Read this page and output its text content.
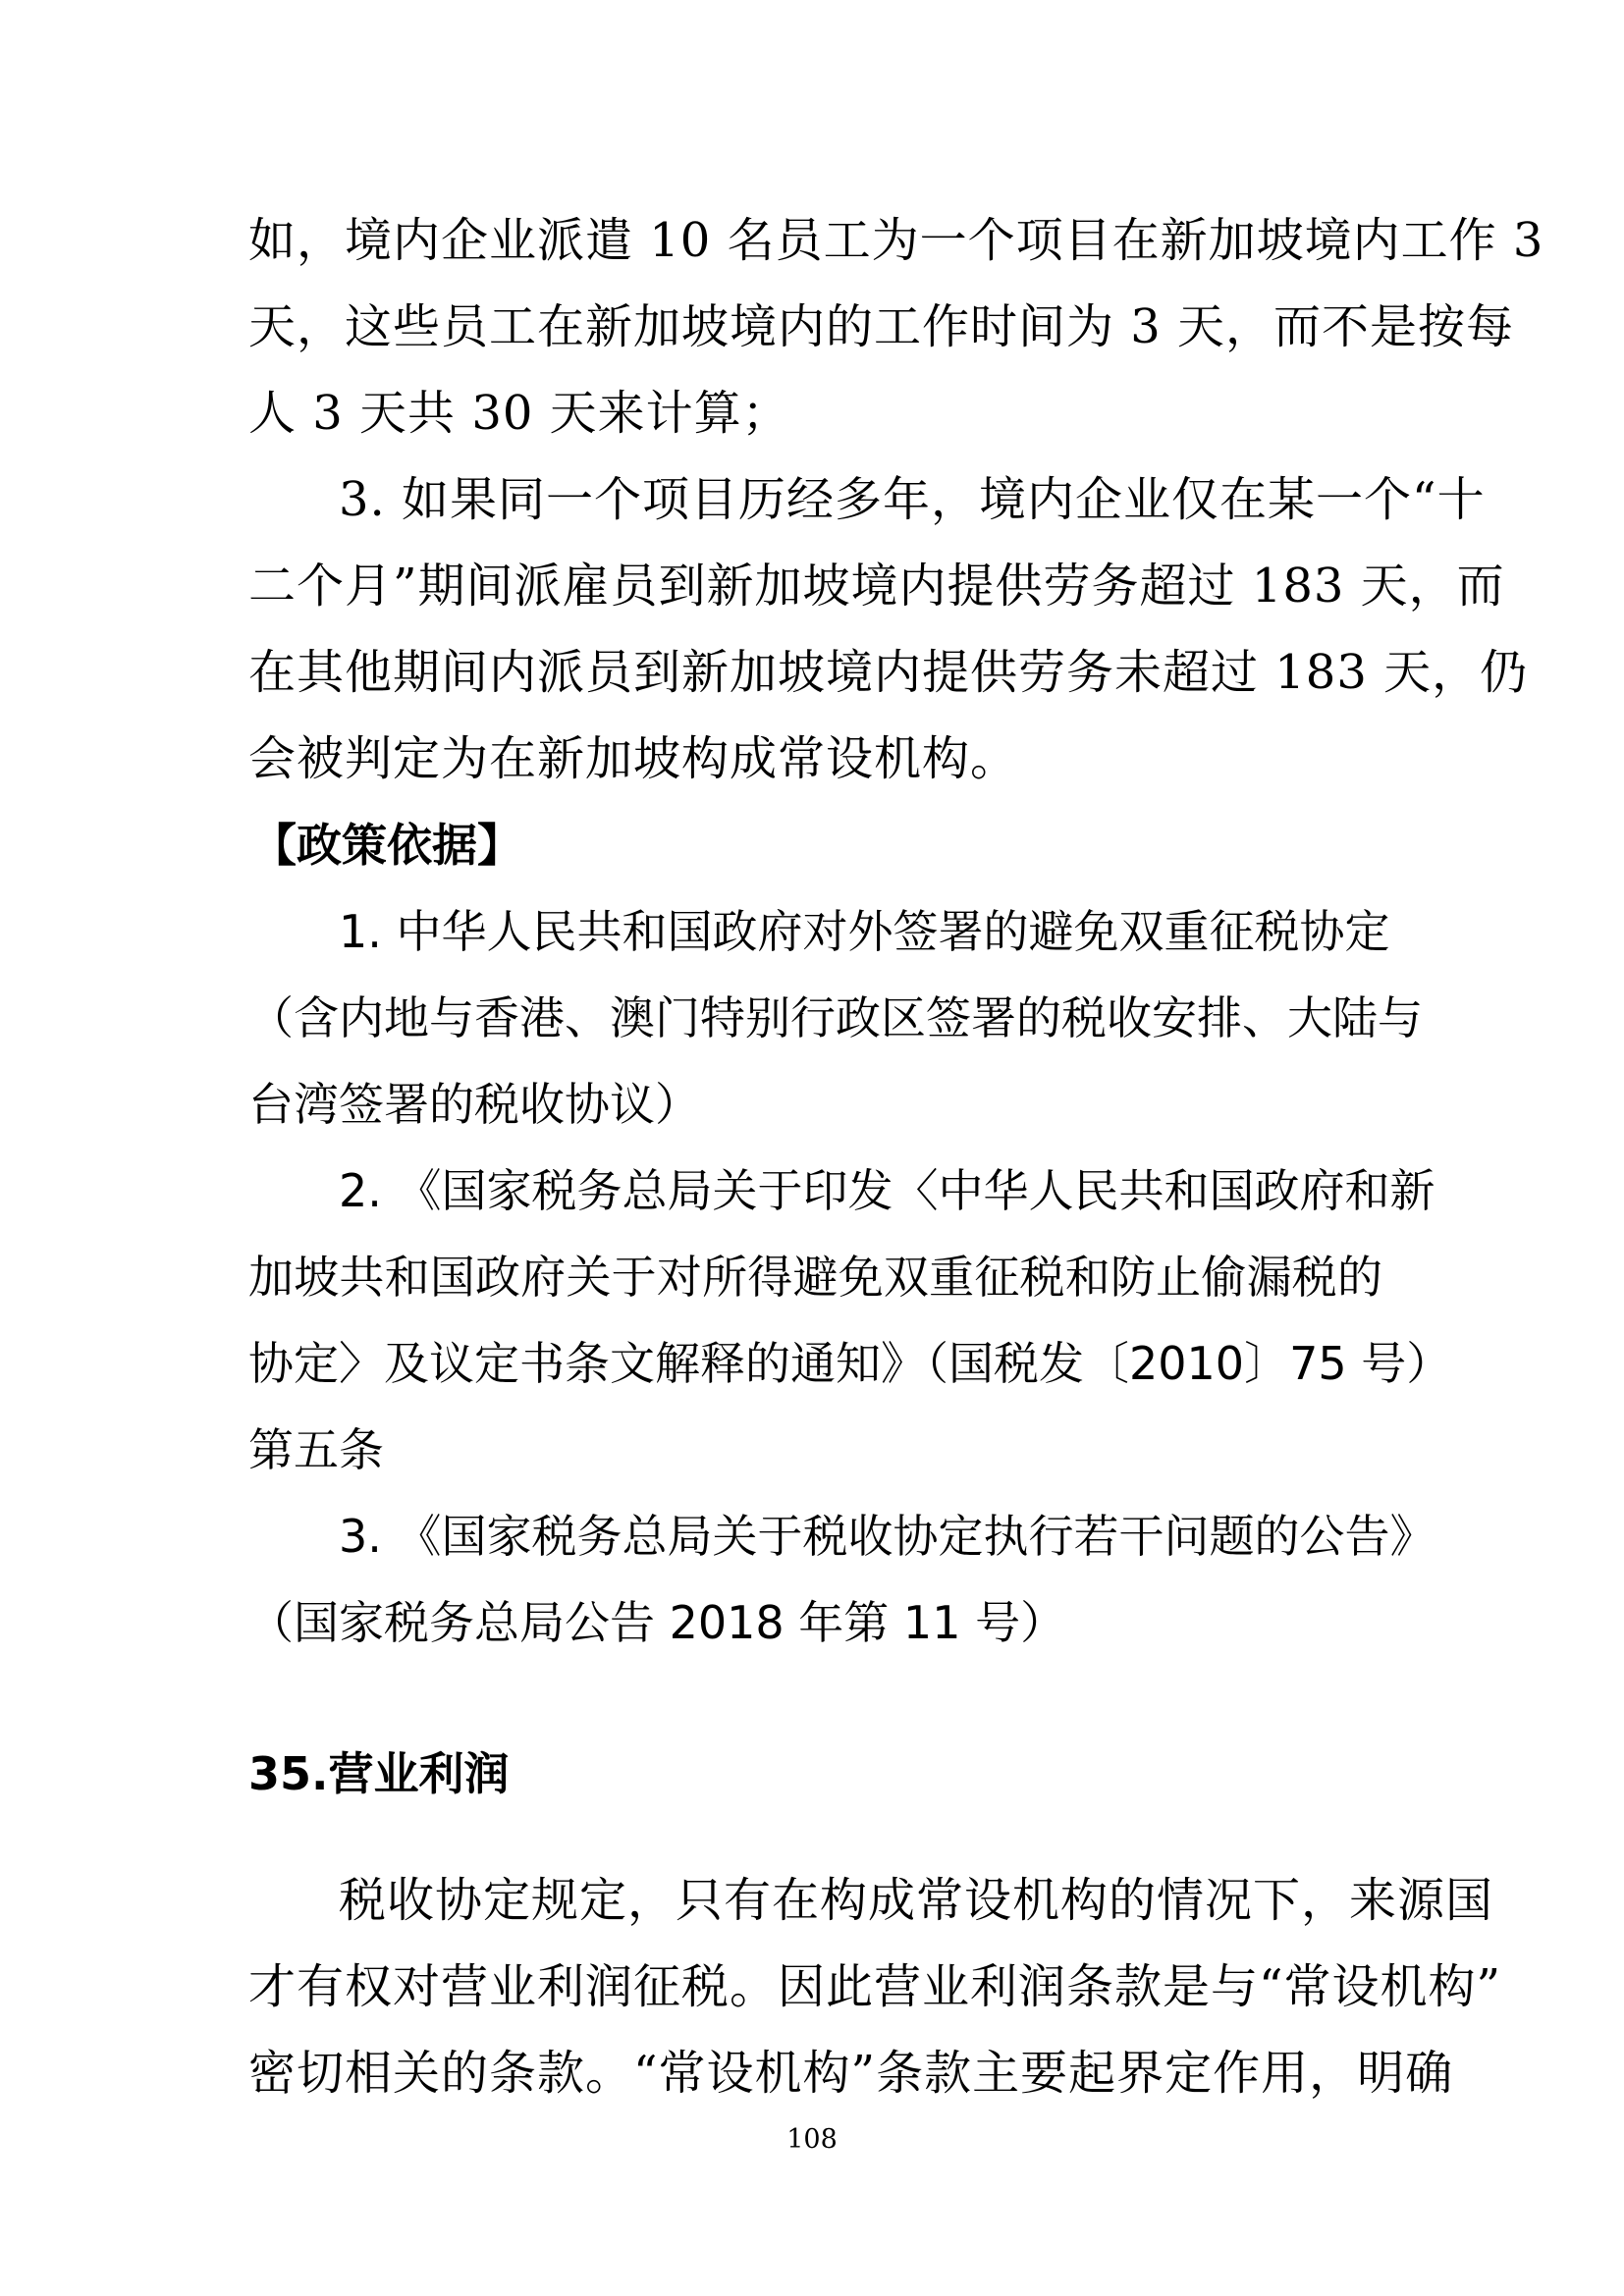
如，境内企业派遣 10 名员工为一个项目在新加坡境内工作 3
天，这些员工在新加坡境内的工作时间为 3 天，而不是按每
人 3 天共 30 天来计算；
3. 如果同一个项目历经多年，境内企业仅在某一个“十
二个月”期间派雇员到新加坡境内提供劳务超过 183 天，而
在其他期间内派员到新加坡境内提供劳务未超过 183 天，仍
会被判定为在新加坡构成常设机构。
【政策依据】
1. 中华人民共和国政府对外签署的避免双重征税协定
（含内地与香港、澳门特别行政区签署的税收安排、大陆与
台湾签署的税收协议）
2. 《国家税务总局关于印发〈中华人民共和国政府和新
加坡共和国政府关于对所得避免双重征税和防止偷漏税的
协定〉及议定书条文解释的通知》（国税发〔2010〕75 号）
第五条
3. 《国家税务总局关于税收协定执行若干问题的公告》
（国家税务总局公告 2018 年第 11 号）
35.营业利润
税收协定规定，只有在构成常设机构的情况下，来源国
才有权对营业利润征税。因此营业利润条款是与“常设机构”
密切相关的条款。“常设机构”条款主要起界定作用，明确
108
